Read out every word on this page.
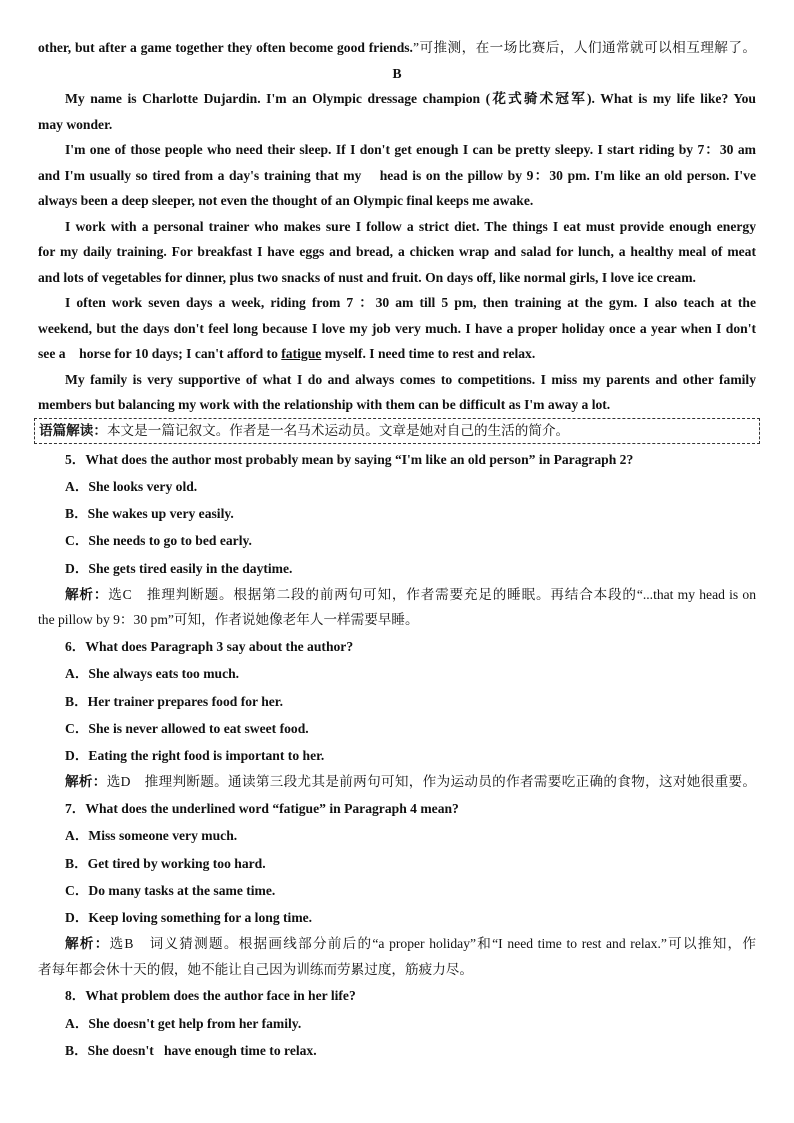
other, but after a game together they often become good friends.”可推测，在一场比赛后，人们通常就可以相互理解了。
B
My name is Charlotte Dujardin. I'm an Olympic dressage champion (花式骑术冠军). What is my life like? You
may wonder.
I'm one of those people who need their sleep. If I don't get enough I can be pretty sleepy. I start riding by 7：30 am
and I'm usually so tired from a day's training that my    head is on the pillow by 9：30 pm. I'm like an old person. I've
always been a deep sleeper, not even the thought of an Olympic final keeps me awake.
I work with a personal trainer who makes sure I follow a strict diet. The things I eat must provide enough energy
for my daily training. For breakfast I have eggs and bread, a chicken wrap and salad for lunch, a healthy meal of meat
and lots of vegetables for dinner, plus two snacks of nust and fruit. On days off, like normal girls, I love ice cream.
I often work seven days a week, riding from 7 ：30 am till 5 pm, then training at the gym. I also teach at the
weekend, but the days don't feel long because I love my job very much. I have a proper holiday once a year when I don't
see a    horse for 10 days; I can't afford to fatigue myself. I need time to rest and relax.
My family is very supportive of what I do and always comes to competitions. I miss my parents and other family
members but balancing my work with the relationship with them can be difficult as I'm away a lot.
语篇解读：本文是一篇记叙文。作者是一名马术运动员。文章是她对自己的生活的简介。
5．What does the author most probably mean by saying “I'm like an old person” in Paragraph 2?
A．She looks very old.
B．She wakes up very easily.
C．She needs to go to bed early.
D．She gets tired easily in the daytime.
解析：选C　推理判断题。根据第二段的前两句可知，作者需要充足的睡眠。再结合本段的“...that my head is on
the pillow by 9：30 pm”可知，作者说她像老年人一样需要早睡。
6．What does Paragraph 3 say about the author?
A．She always eats too much.
B．Her trainer prepares food for her.
C．She is never allowed to eat sweet food.
D．Eating the right food is important to her.
解析：选D　推理判断题。通读第三段尤其是前两句可知，作为运动员的作者需要吃正确的食物，这对她很重要。
7．What does the underlined word “fatigue” in Paragraph 4 mean?
A．Miss someone very much.
B．Get tired by working too hard.
C．Do many tasks at the same time.
D．Keep loving something for a long time.
解析：选B　词义猜测题。根据画线部分前后的“a proper holiday”和“I need time to rest and relax.”可以推知，作
者每年都会休十天的假，她不能让自己因为训练而劳累过度，筋疲力尽。
8．What problem does the author face in her life?
A．She doesn't get help from her family.
B．She doesn't   have enough time to relax.
